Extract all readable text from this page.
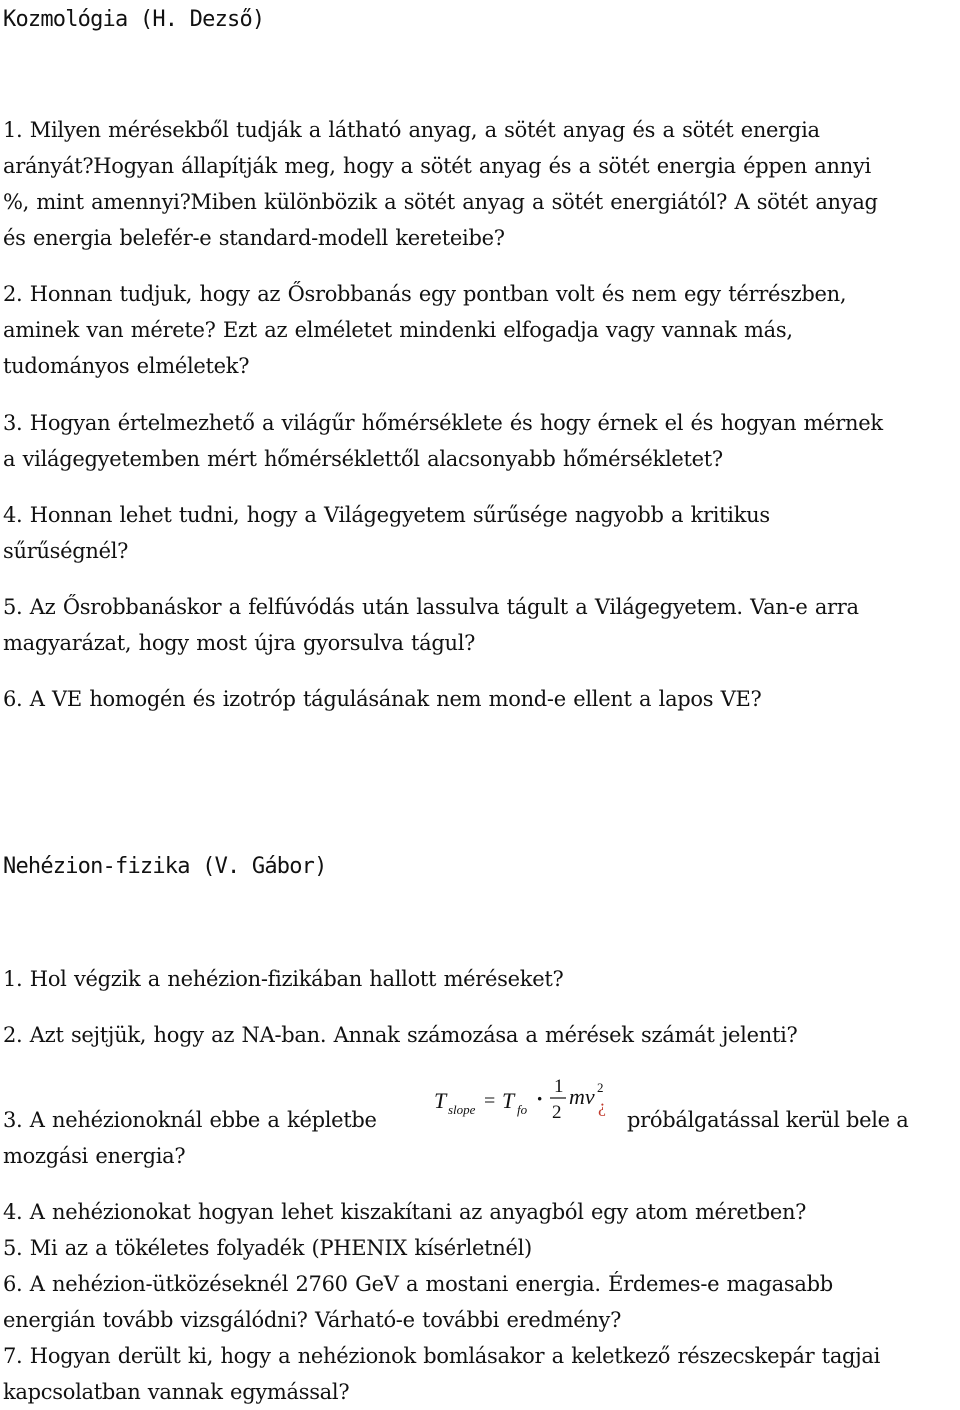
Kozmológia (H. Dezső)
1. Milyen mérésekből tudják a látható anyag, a sötét anyag és a sötét energia
arányát?Hogyan állapítják meg, hogy a sötét anyag és a sötét energia éppen annyi
%, mint amennyi?Miben különbözik a sötét anyag a sötét energiától? A sötét anyag
és energia belefér-e standard-modell kereteibe?
2. Honnan tudjuk, hogy az Ősrobbanás egy pontban volt és nem egy térrészben,
aminek van mérete? Ezt az elméletet mindenki elfogadja vagy vannak más,
tudományos elméletek?
3. Hogyan értelmezhető a világűr hőmérséklete és hogy érnek el és hogyan mérnek
a világegyetemben mért hőmérséklettől alacsonyabb hőmérsékletet?
4. Honnan lehet tudni, hogy a Világegyetem sűrűsége nagyobb a kritikus
sűrűségnél?
5. Az Ősrobbanáskor a felfúvódás után lassulva tágult a Világegyetem. Van-e arra
magyarázat, hogy most újra gyorsulva tágul?
6. A VE homogén és izotróp tágulásának nem mond-e ellent a lapos VE?
Nehézion-fizika (V. Gábor)
1. Hol végzik a nehézion-fizikában hallott méréseket?
2. Azt sejtjük, hogy az NA-ban. Annak számozása a mérések számát jelenti?
3. A nehézionoknál ebbe a képletbe
mozgási energia?
próbálgatással kerül bele a
T slope = T fo · 1
2
mv 2
¿
4. A nehézionokat hogyan lehet kiszakítani az anyagból egy atom méretben?
5. Mi az a tökéletes folyadék (PHENIX kísérletnél)
6. A nehézion-ütközéseknél 2760 GeV a mostani energia. Érdemes-e magasabb
energián tovább vizsgálódni? Várható-e további eredmény?
7. Hogyan derült ki, hogy a nehézionok bomlásakor a keletkező részecskepár tagjai
kapcsolatban vannak egymással?
